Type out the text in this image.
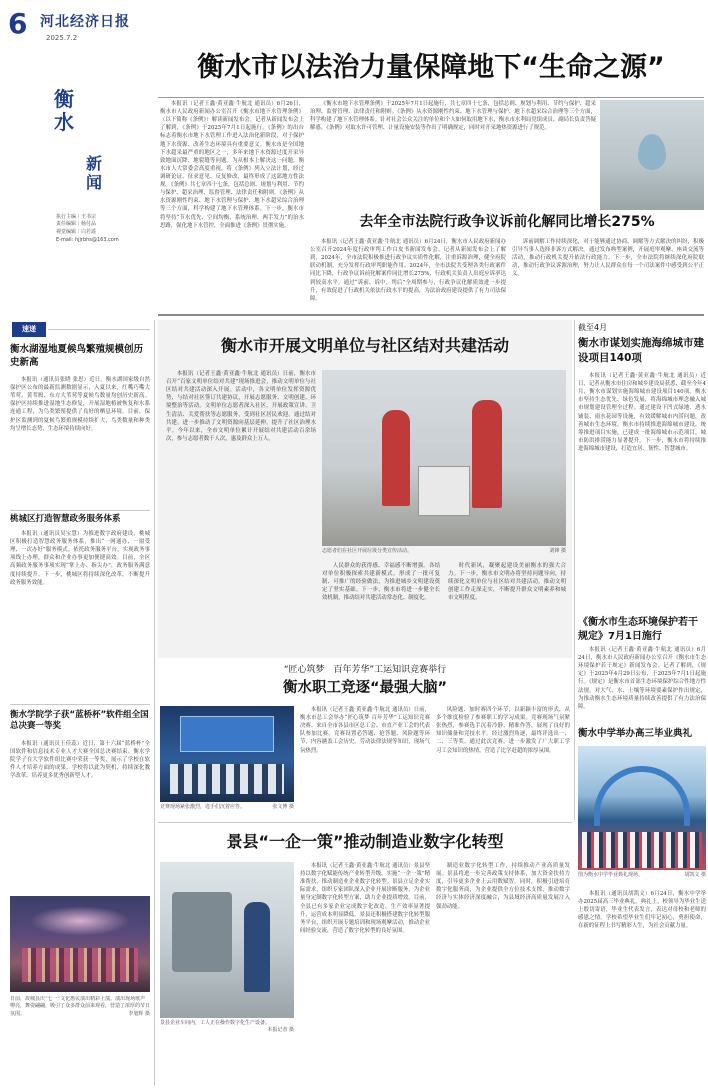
6 河北经济日报
2025.7.2
衡水
新闻
执行主编｜王书宗
责任编辑｜杨付品
视觉编辑｜白若遥
E-mail: hjjrbhs@163.com
速递
衡水湖湿地夏候鸟繁殖规模创历史新高

本报讯（通讯员张晓 张思）近日，衡水湖国家级自然保护区公布的最新监测数据显示，入夏以来，红嘴巧嘴大苇莺、黄苇鳽、东方大苇莺等夏候鸟数量均创历史新高。保护区持续推进湿地生态修复，开展湿地植被恢复和水系连通工程，为鸟类繁殖提供了良好的栖息环境。目前，保护区监测到的夏候鸟繁殖规模持续扩大，鸟类数量和种类均呈增长态势，生态环境持续向好。

桃城区打造智慧政务服务体系

本报讯（通讯员吴宝慧）为推进数字政府建设，桃城区积极打造智慧政务服务体系，推出“一网通办、一窗受理、一次办好”服务模式。依托政务服务平台，实现政务事项线上办理，群众和企业办事更加便捷高效。目前，全区高频政务服务事项实现“掌上办、指尖办”，政务服务满意度持续提升。下一步，桃城区将持续深化改革，不断提升政务服务效能。

衡水学院学子获“蓝桥杯”软件组全国总决赛一等奖

本报讯（通讯员王佳蕊）近日，第十六届“蓝桥杯”全国软件和信息技术专业人才大赛全国总决赛结束。衡水学院学子在大学软件组比赛中荣获一等奖，展示了学校在软件人才培养方面的成果。学校将以此为契机，持续深化教学改革，培养更多优秀创新型人才。

日前，故城县庆“七一”文化惠民演出精彩上演。演出现场歌声嘹亮，舞姿翩翩，吸引了众多群众前来观看，营造了浓厚的节日氛围。	李旭辉 摄
衡水市以法治力量保障地下“生命之源”

本报讯（记者王鑫·黄亚鑫·牛航北 通讯员）6月26日，衡水市人民政府新闻办公室召开《衡水市地下水管理条例》（以下简称《条例》）解读新闻发布会。记者从新闻发布会上了解到，《条例》于2025年7月1日起施行。《条例》的出台标志着衡水市地下水管理工作进入法治化新阶段，对于保护地下水资源、改善生态环境具有重要意义。衡水市是全国地下水超采最严重的地区之一，多年来地下水资源过度开采导致地面沉降、地裂缝等问题。为从根本上解决这一问题，衡水市人大常委会高度重视，将《条例》列入立法计划，经过调研论证、征求意见、反复修改，最终形成了这部地方性法规。《条例》共七章四十七条，包括总则、规划与利用、节约与保护、超采治理、监督管理、法律责任和附则。《条例》从水资源刚性约束、地下水管理与保护、地下水超采综合治理等三个方面，科学构建了地下水管理体系。下一步，衡水市将坚持“节水优先、空间均衡、系统治理、两手发力”的治水思路，强化地下水管控，全面推进《条例》贯彻实施。

《衡水市地下水管理条例》于2025年7月1日起施行，共七章四十七条，包括总则、规划与利用、节约与保护、超采治理、监督管理、法律责任和附则。《条例》从水资源刚性约束、地下水管理与保护、地下水超采综合治理等三个方面，科学构建了地下水管理体系。针对社会公众关注的单位和个人如何取用地下水，衡水市水利局党组成员、副局长负责答疑解惑。《条例》对取水许可管理、计量设施安装等作出了明确规定，同时对开采地热资源进行了规范。
去年全市法院行政争议诉前化解同比增长275%

本报讯（记者王鑫·黄亚鑫·牛航北 通讯员）6月24日，衡水市人民政府新闻办公室召开2024年度行政审判工作白皮书新闻发布会。记者从新闻发布会上了解到，2024年，全市法院积极推进行政争议实质性化解，注重诉源治理，健全府院联动机制，充分发挥行政审判职能作用。2024年，全市法院共受理各类行政案件同比下降，行政争议诉前化解案件同比增长275%，行政机关负责人出庭应诉率达到较高水平。通过“诉前、诉中、判后”全周期参与，行政争议化解质效进一步提升，有效促进了行政机关依法行政水平的提高，为法治政府建设提供了有力司法保障。

诉前调解工作持续深化，对于能够通过协商、调解等方式解决的纠纷，积极引导当事人选择非诉方式解决。通过发布典型案例，开展庭审观摩、座谈交流等活动，推动行政机关提升依法行政能力。下一步，全市法院将继续深化府院联动，推动行政争议诉源治理，努力让人民群众在每一个司法案件中感受到公平正义。
衡水市开展文明单位与社区结对共建活动

本报讯（记者王鑫·黄亚鑫·牛航北 通讯员）日前，衡水市召开“百家文明单位结对共建”现场推进会，推动文明单位与社区结对共建活动深入开展。活动中，各文明单位发挥资源优势，与结对社区签订共建协议，开展志愿服务、文明创建、环境整治等活动。文明单位志愿者深入社区，开展政策宣讲、卫生清洁、关爱帮扶等志愿服务，受到社区居民欢迎。通过结对共建，进一步推动了文明资源向基层延伸，提升了社区治理水平。今年以来，全市文明单位累计开展结对共建活动百余场次，参与志愿者数千人次，惠及群众上万人。

志愿者们在社区开展垃圾分类宣传活动。	刘锋 摄
人民群众的获得感、幸福感不断增强。各结对单位积极探索共建新模式，形成了一批可复制、可推广的经验做法，为推进城乡文明建设奠定了坚实基础。下一步，衡水市将进一步健全长效机制，推动结对共建活动常态化、制度化。
时代新风，凝聚起建设美丽衡水的强大合力。下一步，衡水市文明办将坚持问题导向，持续深化文明单位与社区结对共建活动，推动文明创建工作走深走实，不断提升群众文明素养和城市文明程度。
截至4月
衡水市谋划实施海绵城市建设项目140项

本报讯（记者王鑫·黄亚鑫·牛航北 通讯员）近日，记者从衡水市住房和城乡建设局获悉，截至今年4月，衡水市谋划实施海绵城市建设项目140项。衡水市坚持生态优先、绿色发展，将海绵城市理念融入城市规划建设管理全过程。通过建设下凹式绿地、透水铺装、雨水花园等设施，有效缓解城市内涝问题，改善城市生态环境。衡水市持续推进海绵城市建设，统筹推进项目实施，已建成一批海绵城市示范项目，城市防洪排涝能力显著提升。下一步，衡水市将持续推进海绵城市建设，打造宜居、韧性、智慧城市。

《衡水市生态环境保护若干规定》7月1日施行

本报讯（记者王鑫·黄亚鑫·牛航北 通讯员）6月24日，衡水市人民政府新闻办公室召开《衡水市生态环境保护若干规定》新闻发布会。记者了解到，《规定》于2025年4月29日公布，于2025年7月1日起施行。《规定》是衡水市首部生态环境保护综合性地方性法规，对大气、水、土壤等环境要素保护作出规定，为推动衡水生态环境质量持续改善提供了有力法治保障。

“匠心筑梦　百年芳华”工运知识竞赛举行
衡水职工竞逐“最强大脑”
竞赛现场紧张激烈，选手们沉着应答。	张文博 摄

本报讯（记者王鑫·黄亚鑫·牛航北 通讯员）日前，衡水市总工会举办“匠心筑梦 百年芳华”工运知识竞赛决赛。来自全市各县市区总工会、市直产业工会的代表队参加比赛。竞赛设置必答题、抢答题、风险题等环节，内容涵盖工会历史、劳动法律法规等知识，现场气氛热烈。

风险题、加时赛四个环节，以新颖丰富的形式，从多个维度检验了参赛职工的学习成果。竞赛现场气氛紧张热烈，参赛选手沉着冷静、精准作答，展现了良好的知识储备和竞技水平。经过激烈角逐，最终评选出一、二、三等奖。通过此次竞赛，进一步激发了广大职工学习工会知识的热情，营造了比学赶超的浓厚氛围。
衡水中学举办高三毕业典礼
图为衡水中学毕业典礼现场。	胡凯文 摄
本报讯（通讯员胡凯文）6月24日，衡水中学举办2025届高三毕业典礼。典礼上，校领导为毕业生送上殷切寄语，毕业生代表发言，表达对母校和老师的感恩之情。学校希望毕业生们牢记初心，勇担使命，在新的征程上书写精彩人生，为社会贡献力量。
景县“一企一策”推动制造业数字化转型
景县企业车间内，工人正在操作数字化生产设备。
本报记者 摄

本报讯（记者王鑫·黄亚鑫·牛航北 通讯员）景县坚持以数字化赋能传统产业转型升级，实施“一企一策”精准帮扶，推动制造业企业数字化转型。景县立足企业实际需求，组织专家团队深入企业开展诊断服务，为企业量身定制数字化转型方案，助力企业提质增效。目前，全县已有多家企业完成数字化改造，生产效率显著提升，运营成本明显降低。景县还积极搭建数字化转型服务平台，组织开展专题培训和现场观摩活动，推动企业间经验交流，营造了数字化转型的良好氛围。

制造业数字化转型工作，持续推动产业高质量发展。景县将进一步完善政策支持体系，加大资金扶持力度，引导更多企业上云用数赋智。同时，积极引进培育数字化服务商，为企业提供全方位技术支撑，推动数字经济与实体经济深度融合，为县域经济高质量发展注入强劲动能。
